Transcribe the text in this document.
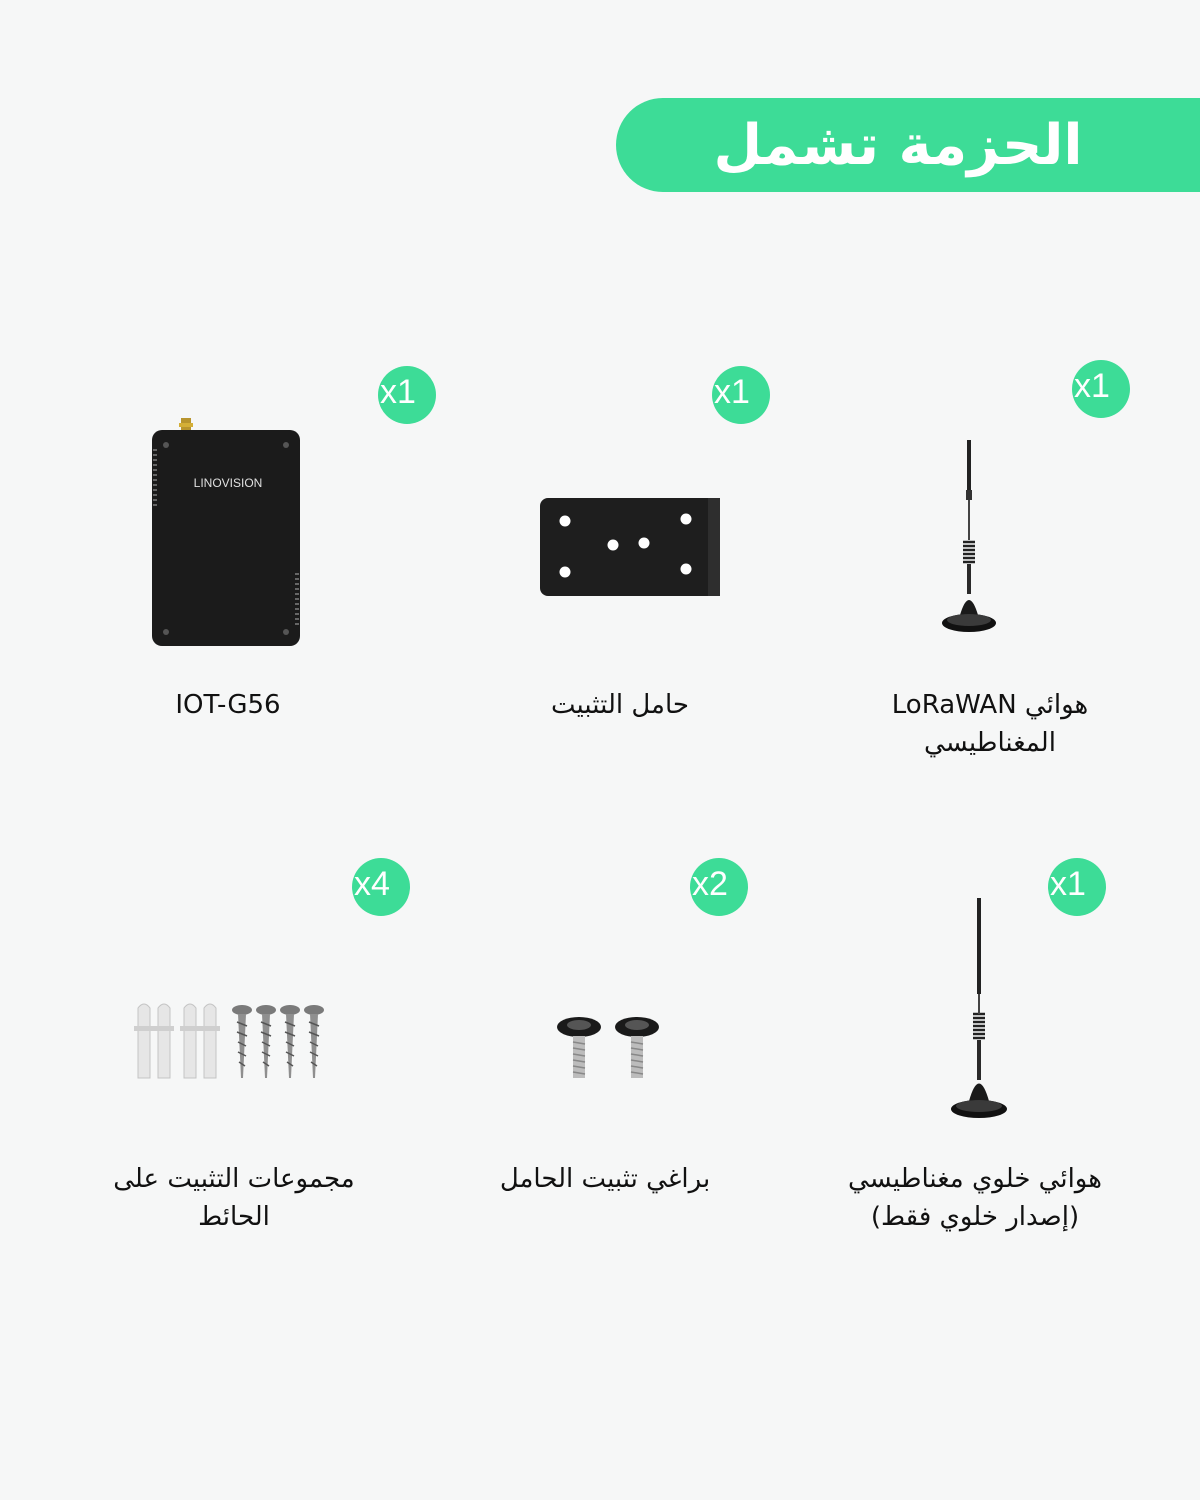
الحزمة تشمل
x1
هوائي LoRaWAN المغناطيسي
x1
حامل التثبيت
x1
LINOVISION
IOT-G56
x1
هوائي خلوي مغناطيسي (إصدار خلوي فقط)
x2
براغي تثبيت الحامل
x4
مجموعات التثبيت على الحائط
